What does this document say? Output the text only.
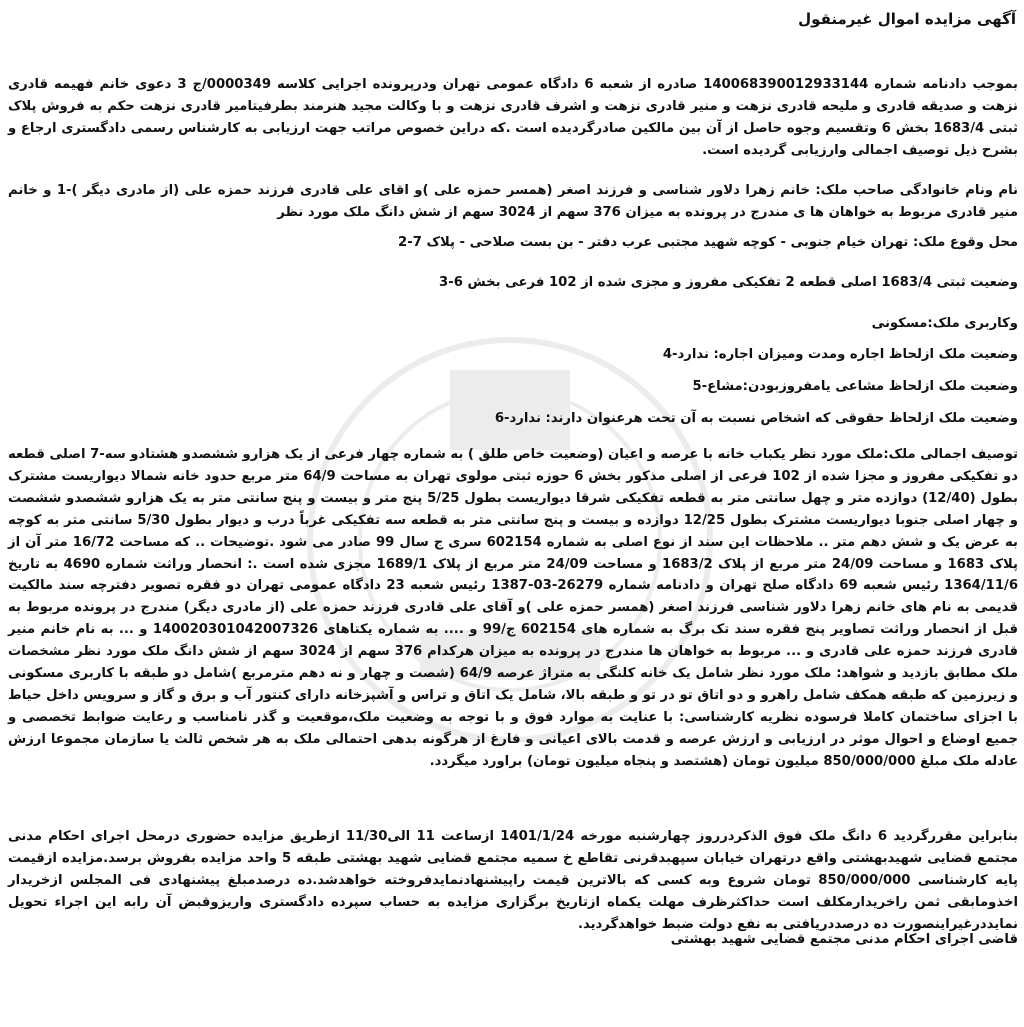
آگهی مزایده اموال غیرمنقول

بموجب دادنامه شماره 140068390012933144 صادره از شعبه 6 دادگاه عمومی تهران ودرپرونده اجرایی کلاسه 0000349/ج 3 دعوی خانم فهیمه قادری نزهت و صدیقه قادری و ملیحه قادری نزهت و منیر قادری نزهت و اشرف قادری نزهت و با وکالت مجید هنرمند بطرفیتامیر قادری نزهت حکم به فروش پلاک ثبتی 1683/4 بخش 6 وتقسیم وجوه حاصل از آن بین مالکین صادرگردیده است .که دراین خصوص مراتب جهت ارزیابی به کارشناس رسمی دادگستری ارجاع و بشرح ذیل توصیف اجمالی وارزیابی گردیده است.

نام ونام خانوادگی صاحب ملک: خانم زهرا دلاور شناسی و فرزند اصغر (همسر حمزه علی )و اقای علی قادری فرزند حمزه علی (از مادری دیگر )-1 و خانم منیر قادری مربوط به خواهان ها ی مندرج در پرونده به میزان 376 سهم از 3024 سهم از شش دانگ ملک مورد نظر

محل وقوع ملک: تهران خیام جنوبی - کوچه شهید مجتبی عرب دفتر - بن بست صلاحی - پلاک 7-2
وضعیت ثبتی 1683/4 اصلی قطعه 2 تفکیکی مفروز و مجزی شده از 102 فرعی بخش 6-3
وکاربری ملک:مسکونی
وضعیت ملک ازلحاظ اجاره ومدت ومیزان اجاره: ندارد-4
وضعیت ملک ازلحاظ مشاعی یامفروزبودن:مشاع-5
وضعیت ملک ازلحاظ حقوقی که اشخاص نسبت به آن تحت هرعنوان دارند: ندارد-6

توصیف اجمالی ملک:ملک مورد نظر یکباب خانه با عرصه و اعیان (وضعیت خاص طلق ) به شماره چهار فرعی از یک هزارو ششصدو هشتادو سه-7 اصلی قطعه دو تفکیکی مفروز و مجزا شده از 102 فرعی از اصلی مذکور بخش 6 حوزه ثبتی مولوی تهران به مساحت 64/9 متر مربع حدود خانه شمالا دیواریست مشترک بطول (12/40) دوازده متر و چهل سانتی متر به قطعه تفکیکی شرقا دیواریست بطول 5/25 پنج متر و بیست و پنج سانتی متر به یک هزارو ششصدو ششصت و چهار اصلی جنوبا دیواریست مشترک بطول 12/25 دوازده و بیست و پنج سانتی متر به قطعه سه تفکیکی غرباً درب و دیوار بطول 5/30 سانتی متر به کوچه به عرض یک و شش دهم متر .. ملاحظات این سند از نوع اصلی به شماره 602154 سری ج سال 99 صادر می شود .توضیحات .. که مساحت 16/72 متر آن از پلاک 1683 و مساحت 24/09 متر مربع از پلاک 1683/2 و مساحت 24/09 متر مربع از پلاک 1689/1 مجزی شده است .: انحصار وراثت شماره 4690 به تاریخ 1364/11/6 رئیس شعبه 69 دادگاه صلح تهران و دادنامه شماره 26279-03-1387 رئیس شعبه 23 دادگاه عمومی تهران دو فقره تصویر دفترچه سند مالکیت قدیمی به نام های خانم زهرا دلاور شناسی فرزند اصغر (همسر حمزه علی )و آقای علی قادری فرزند حمزه علی (از مادری دیگر) مندرج در پرونده مربوط به قبل از انحصار وراثت تصاویر پنج فقره سند تک برگ به شماره های 602154 ج/99 و .... به شماره یکتاهای 140020301042007326 و ... به نام خانم منیر قادری فرزند حمزه علی قادری و ... مربوط به خواهان ها مندرج در پرونده به میزان هرکدام 376 سهم از 3024 سهم از شش دانگ ملک مورد نظر مشخصات ملک مطابق بازدید و شواهد: ملک مورد نظر شامل یک خانه کلنگی به متراژ عرصه 64/9 (شصت و چهار و نه دهم مترمربع )شامل دو طبقه با کاربری مسکونی و زیرزمین که طبقه همکف شامل راهرو و دو اتاق تو در تو و طبقه بالا، شامل یک اتاق و تراس و آشپزخانه دارای کنتور آب و برق و گاز و سرویس داخل حیاط با اجزای ساختمان کاملا فرسوده نظریه کارشناسی: با عنایت به موارد فوق و با توجه به وضعیت ملک،موقعیت و گذر نامناسب و رعایت ضوابط تخصصی و جمیع اوضاع و احوال موثر در ارزیابی و ارزش عرصه و قدمت بالای اعیانی و فارغ از هرگونه بدهی احتمالی ملک به هر شخص ثالث یا سازمان مجموعا ارزش عادله ملک مبلغ 850/000/000 میلیون تومان (هشتصد و پنجاه میلیون تومان) براورد میگردد.

بنابراین مقررگردید 6 دانگ ملک فوق الذکردرروز چهارشنبه مورخه 1401/1/24 ازساعت 11 الی11/30 ازطریق مزایده حضوری درمحل اجرای احکام مدنی مجتمع قضایی شهیدبهشتی واقع درتهران خیابان سپهبدقرنی تقاطع خ سمیه مجتمع قضایی شهید بهشتی طبقه 5 واحد مزایده بفروش برسد.مزایده ازقیمت پایه کارشناسی 850/000/000 تومان شروع وبه کسی که بالاترین قیمت راپیشنهادنمایدفروخته خواهدشد.ده درصدمبلغ پیشنهادی فی المجلس ازخریدار اخذومابقی ثمن راخریدارمکلف است حداکثرظرف مهلت یکماه ازتاریخ برگزاری مزایده به حساب سپرده دادگستری واریزوقبض آن رابه این اجراء تحویل نمایددرغیراینصورت ده درصددریافتی به نفع دولت ضبط خواهدگردید.

قاضی اجرای احکام مدنی مجتمع قضایی شهید بهشتی
